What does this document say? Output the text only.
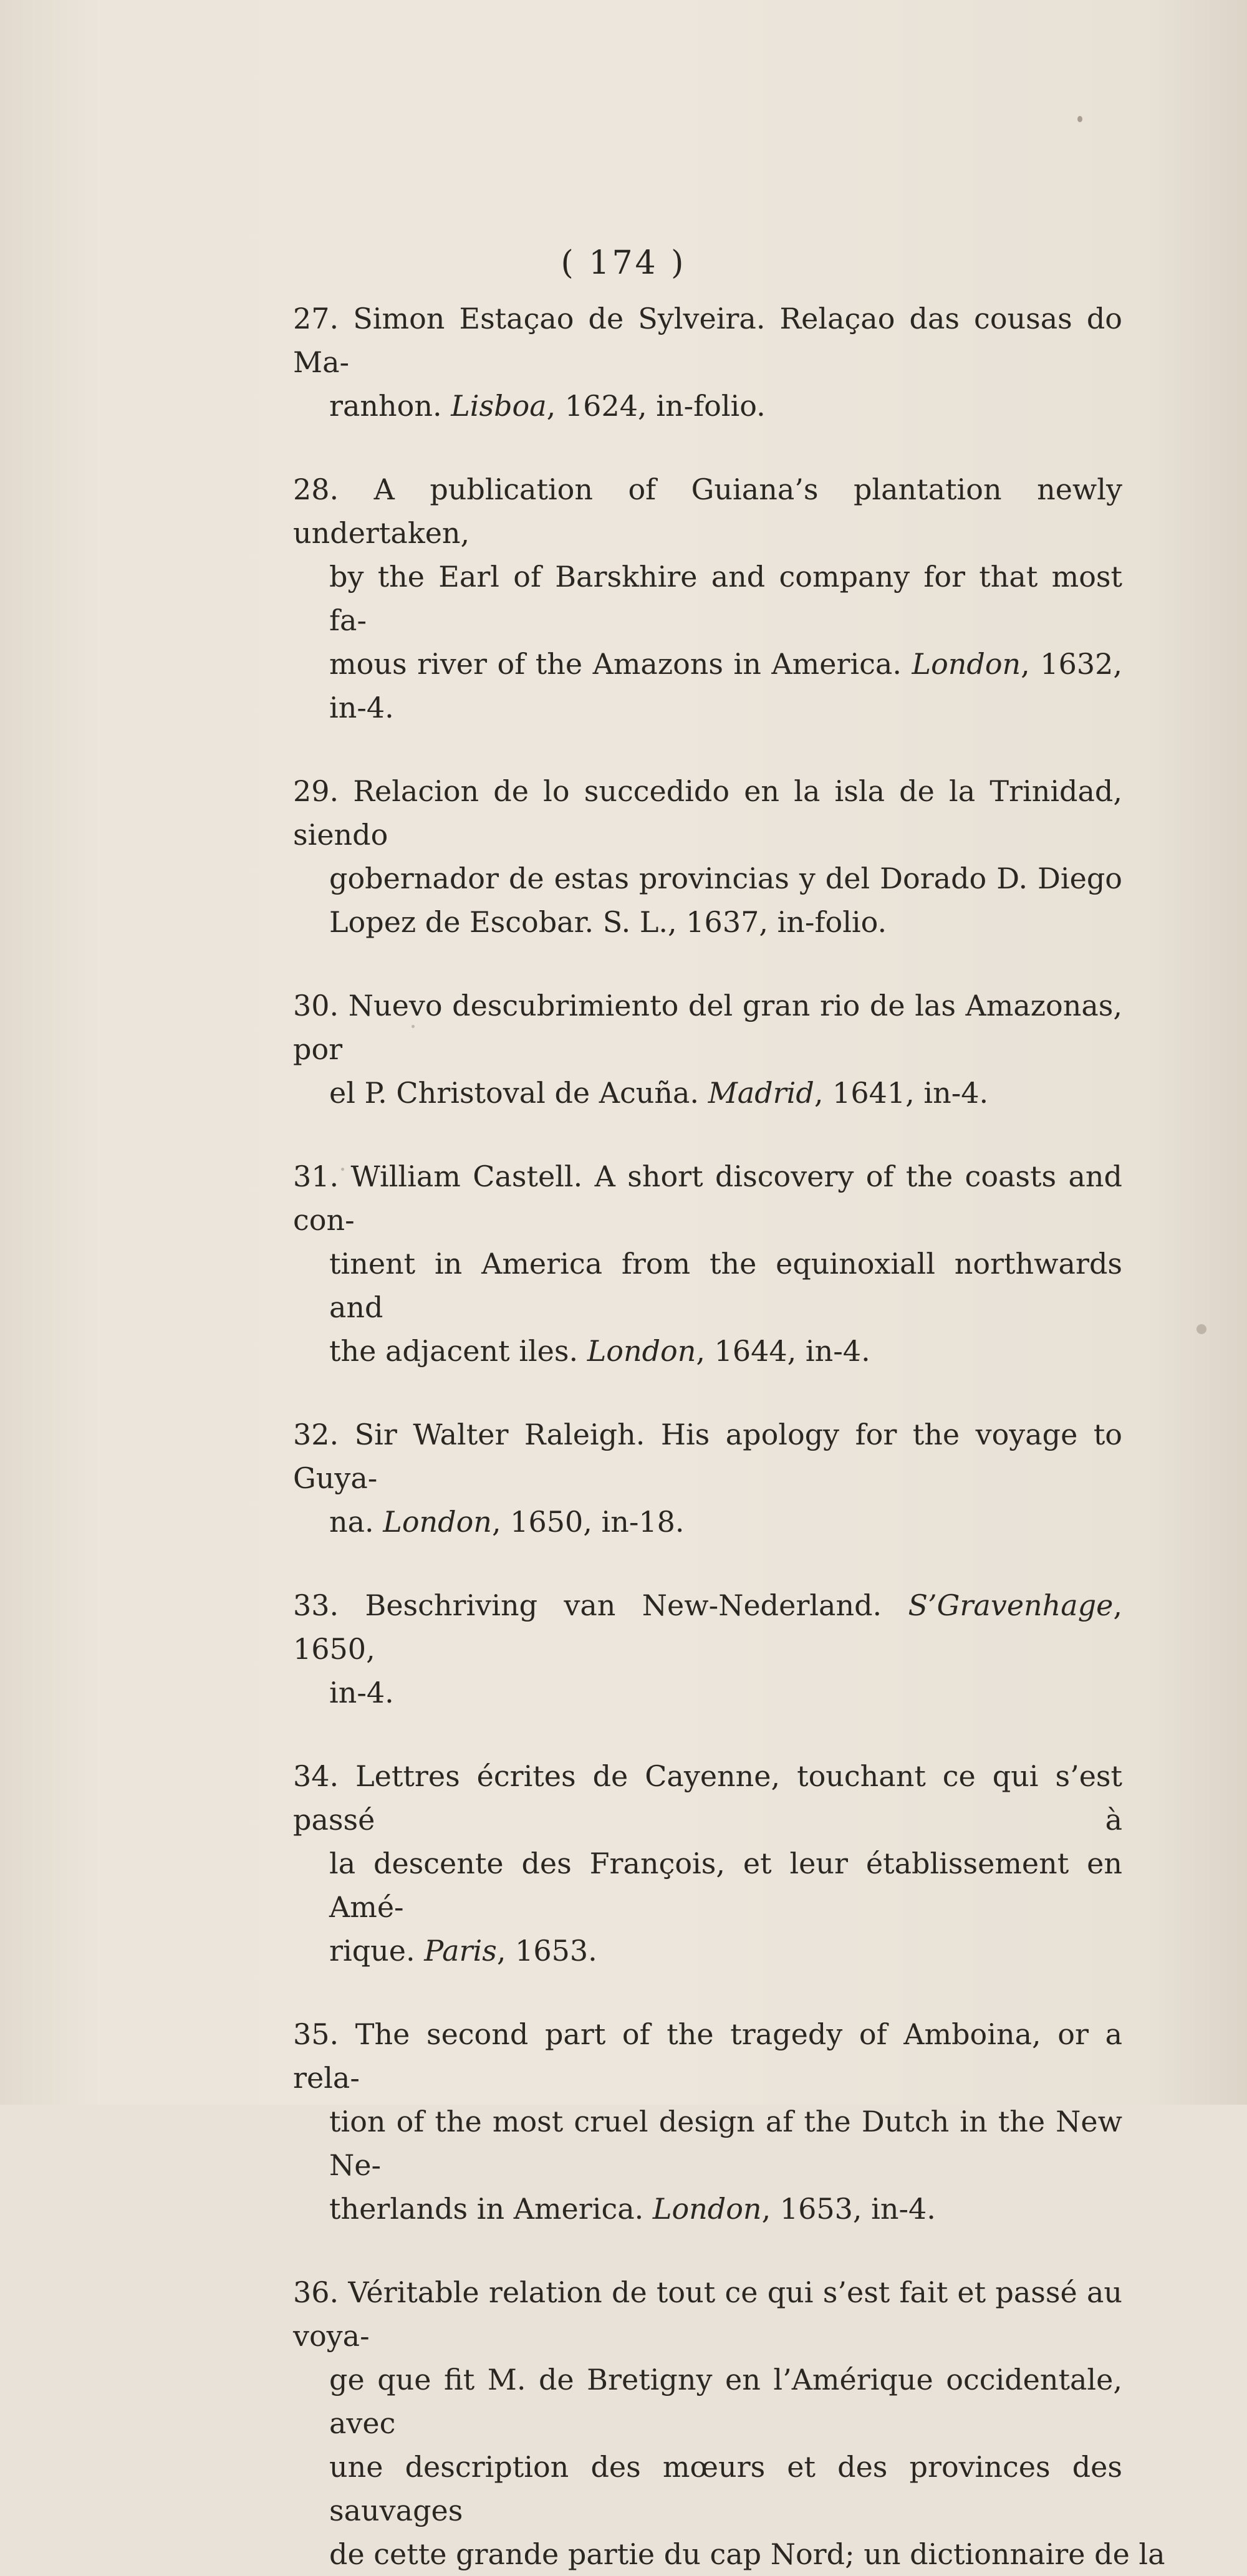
( 174 )
27. Simon Estaçao de Sylveira. Relaçao das cousas do Ma-
ranhon. Lisboa, 1624, in-folio.
28. A publication of Guiana’s plantation newly undertaken,
by the Earl of Barskhire and company for that most fa-
mous river of the Amazons in America. London, 1632,
in-4.
29. Relacion de lo succedido en la isla de la Trinidad, siendo
gobernador de estas provincias y del Dorado D. Diego
Lopez de Escobar. S. L., 1637, in-folio.
30. Nuevo descubrimiento del gran rio de las Amazonas, por
el P. Christoval de Acuña. Madrid, 1641, in-4.
31. William Castell. A short discovery of the coasts and con-
tinent in America from the equinoxiall northwards and
the adjacent iles. London, 1644, in-4.
32. Sir Walter Raleigh. His apology for the voyage to Guya-
na. London, 1650, in-18.
33. Beschriving van New-Nederland. S’Gravenhage, 1650,
in-4.
34. Lettres écrites de Cayenne, touchant ce qui s’est passé à
la descente des François, et leur établissement en Amé-
rique. Paris, 1653.
35. The second part of the tragedy of Amboina, or a rela-
tion of the most cruel design af the Dutch in the New Ne-
therlands in America. London, 1653, in-4.
36. Véritable relation de tout ce qui s’est fait et passé au voya-
ge que fit M. de Bretigny en l’Amérique occidentale, avec
une description des mœurs et des provinces des sauvages
de cette grande partie du cap Nord; un dictionnaire de la
